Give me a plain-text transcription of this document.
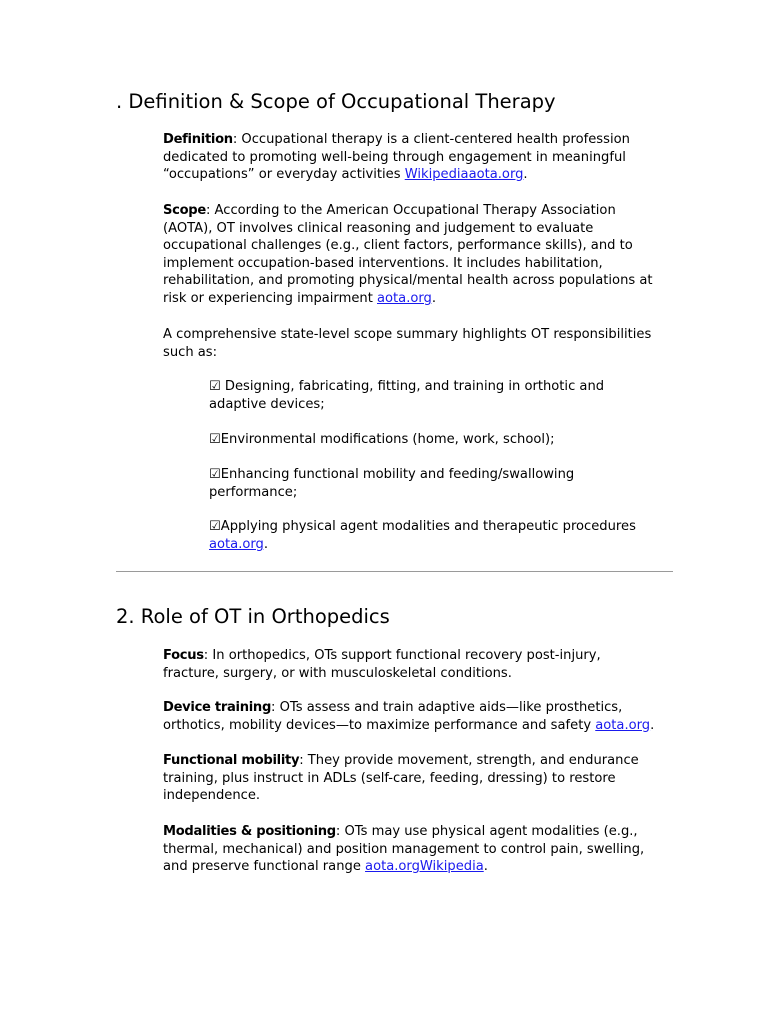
. Definition & Scope of Occupational Therapy

Definition: Occupational therapy is a client-centered health profession dedicated to promoting well-being through engagement in meaningful “occupations” or everyday activities Wikipediaaota.org.

Scope: According to the American Occupational Therapy Association (AOTA), OT involves clinical reasoning and judgement to evaluate occupational challenges (e.g., client factors, performance skills), and to implement occupation-based interventions. It includes habilitation, rehabilitation, and promoting physical/mental health across populations at risk or experiencing impairment aota.org.

A comprehensive state-level scope summary highlights OT responsibilities such as:

☑ Designing, fabricating, fitting, and training in orthotic and adaptive devices;

☑Environmental modifications (home, work, school);

☑Enhancing functional mobility and feeding/swallowing performance;

☑Applying physical agent modalities and therapeutic procedures aota.org.

2. Role of OT in Orthopedics

Focus: In orthopedics, OTs support functional recovery post-injury, fracture, surgery, or with musculoskeletal conditions.

Device training: OTs assess and train adaptive aids—like prosthetics, orthotics, mobility devices—to maximize performance and safety aota.org.

Functional mobility: They provide movement, strength, and endurance training, plus instruct in ADLs (self-care, feeding, dressing) to restore independence.

Modalities & positioning: OTs may use physical agent modalities (e.g., thermal, mechanical) and position management to control pain, swelling, and preserve functional range aota.orgWikipedia.
